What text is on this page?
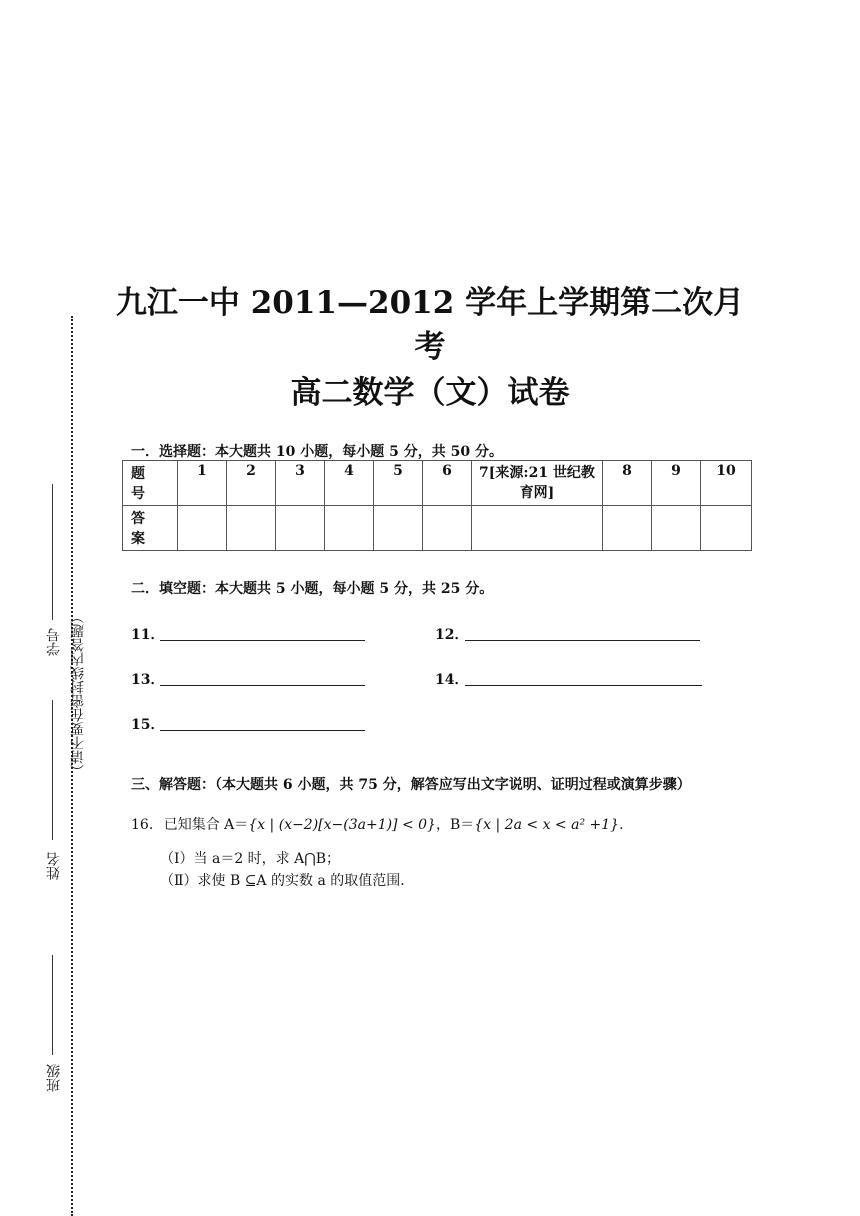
班级
姓名
学号 （请不要在密封线内答题）
九江一中 2011—2012 学年上学期第二次月
考
高二数学（文）试卷
一．选择题：本大题共 10 小题，每小题 5 分，共 50 分。
题号	1	2	3	4	5	6	7[来源:21 世纪教育网]	8	9	10

答案										

二．填空题：本大题共 5 小题，每小题 5 分，共 25 分。
11．	12．
13．	14．
15．
三、解答题：（本大题共 6 小题，共 75 分，解答应写出文字说明、证明过程或演算步骤）
16. 已知集合 A＝{x | (x−2)[x−(3a+1)] < 0}，B＝{x | 2a < x < a² +1}.
（Ⅰ）当 a＝2 时，求 A⋂B；
（Ⅱ）求使 B ⊆A 的实数 a 的取值范围.
